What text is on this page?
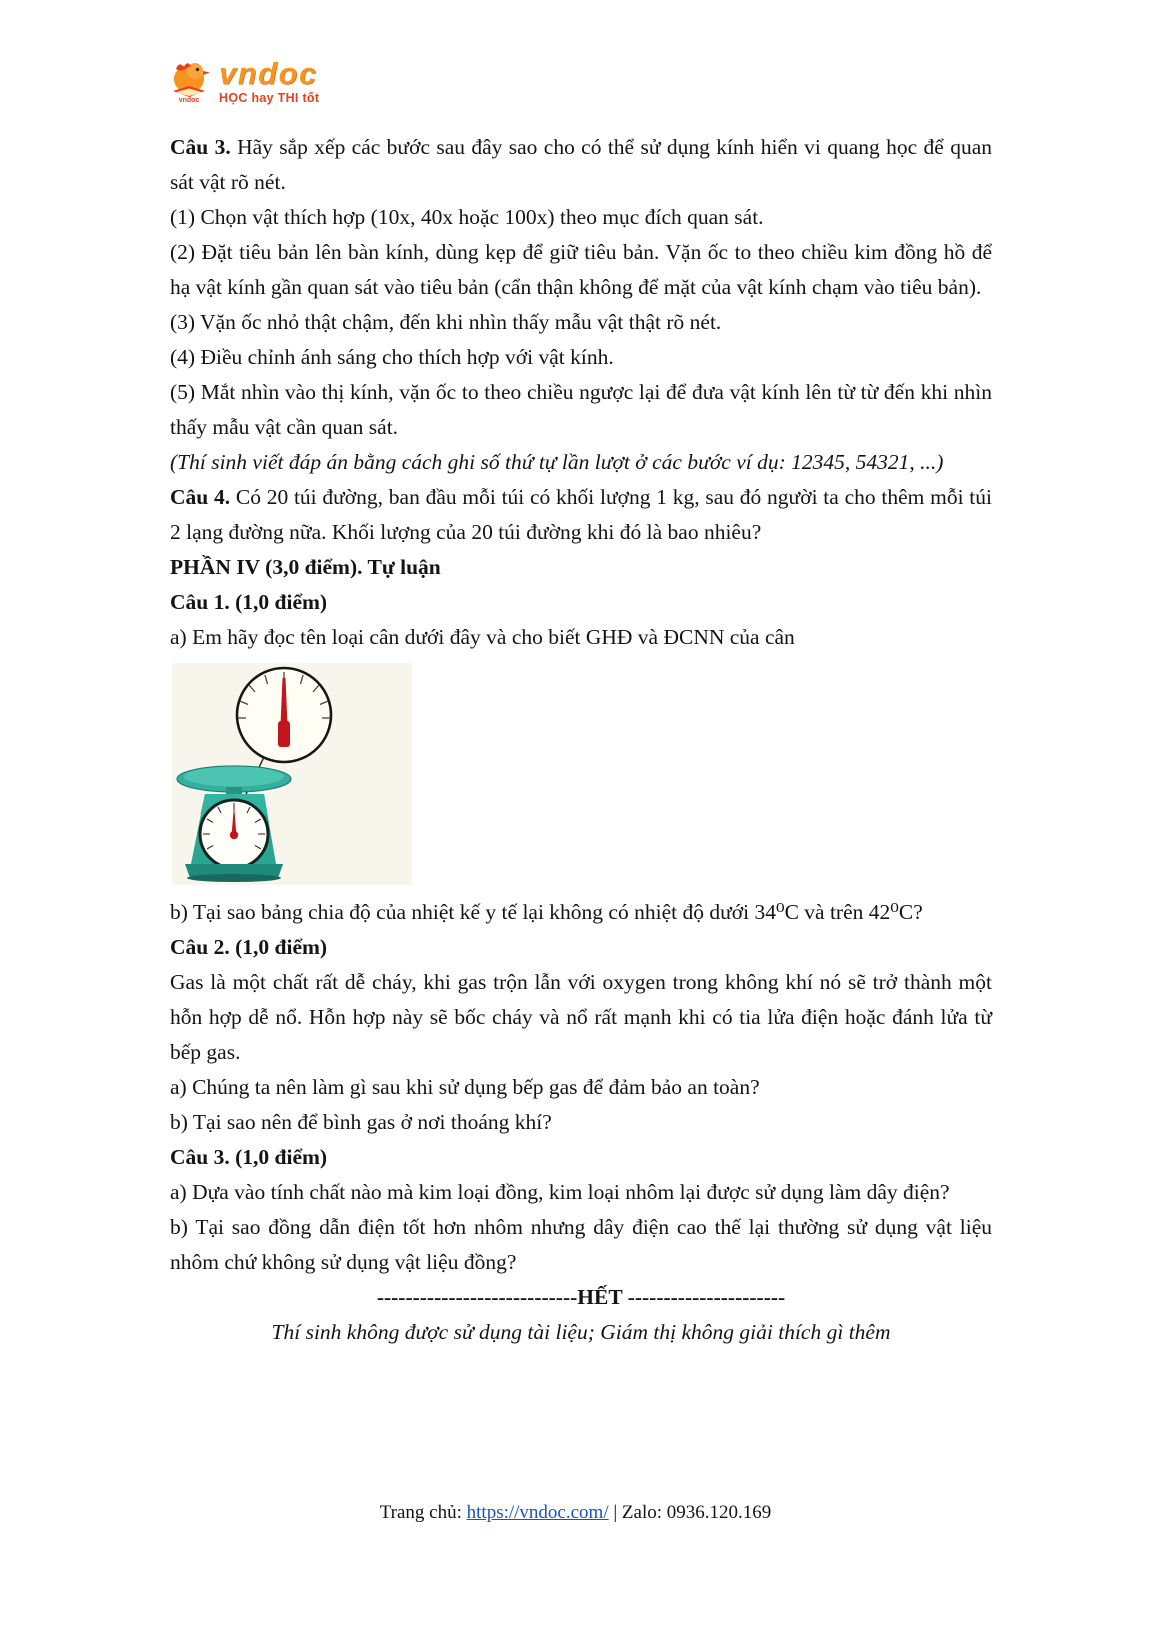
vndoc
vndoc
HỌC hay THI tốt

Câu 3. Hãy sắp xếp các bước sau đây sao cho có thể sử dụng kính hiển vi quang học để quan sát vật rõ nét.

(1) Chọn vật thích hợp (10x, 40x hoặc 100x) theo mục đích quan sát.

(2) Đặt tiêu bản lên bàn kính, dùng kẹp để giữ tiêu bản. Vặn ốc to theo chiều kim đồng hồ để hạ vật kính gần quan sát vào tiêu bản (cẩn thận không để mặt của vật kính chạm vào tiêu bản).

(3) Vặn ốc nhỏ thật chậm, đến khi nhìn thấy mẫu vật thật rõ nét.

(4) Điều chỉnh ánh sáng cho thích hợp với vật kính.

(5) Mắt nhìn vào thị kính, vặn ốc to theo chiều ngược lại để đưa vật kính lên từ từ đến khi nhìn thấy mẫu vật cần quan sát.

(Thí sinh viết đáp án bằng cách ghi số thứ tự lần lượt ở các bước ví dụ: 12345, 54321, ...)

Câu 4. Có 20 túi đường, ban đầu mỗi túi có khối lượng 1 kg, sau đó người ta cho thêm mỗi túi 2 lạng đường nữa. Khối lượng của 20 túi đường khi đó là bao nhiêu?

PHẦN IV (3,0 điểm). Tự luận

Câu 1. (1,0 điểm)

a) Em hãy đọc tên loại cân dưới đây và cho biết GHĐ và ĐCNN của cân

b) Tại sao bảng chia độ của nhiệt kế y tế lại không có nhiệt độ dưới 34⁰C và trên 42⁰C?

Câu 2. (1,0 điểm)

Gas là một chất rất dễ cháy, khi gas trộn lẫn với oxygen trong không khí nó sẽ trở thành một hỗn hợp dễ nổ. Hỗn hợp này sẽ bốc cháy và nổ rất mạnh khi có tia lửa điện hoặc đánh lửa từ bếp gas.

a) Chúng ta nên làm gì sau khi sử dụng bếp gas để đảm bảo an toàn?

b) Tại sao nên để bình gas ở nơi thoáng khí?

Câu 3. (1,0 điểm)

a) Dựa vào tính chất nào mà kim loại đồng, kim loại nhôm lại được sử dụng làm dây điện?

b) Tại sao đồng dẫn điện tốt hơn nhôm nhưng dây điện cao thế lại thường sử dụng vật liệu nhôm chứ không sử dụng vật liệu đồng?

----------------------------HẾT ----------------------

Thí sinh không được sử dụng tài liệu; Giám thị không giải thích gì thêm

Trang chủ: https://vndoc.com/ | Zalo: 0936.120.169
